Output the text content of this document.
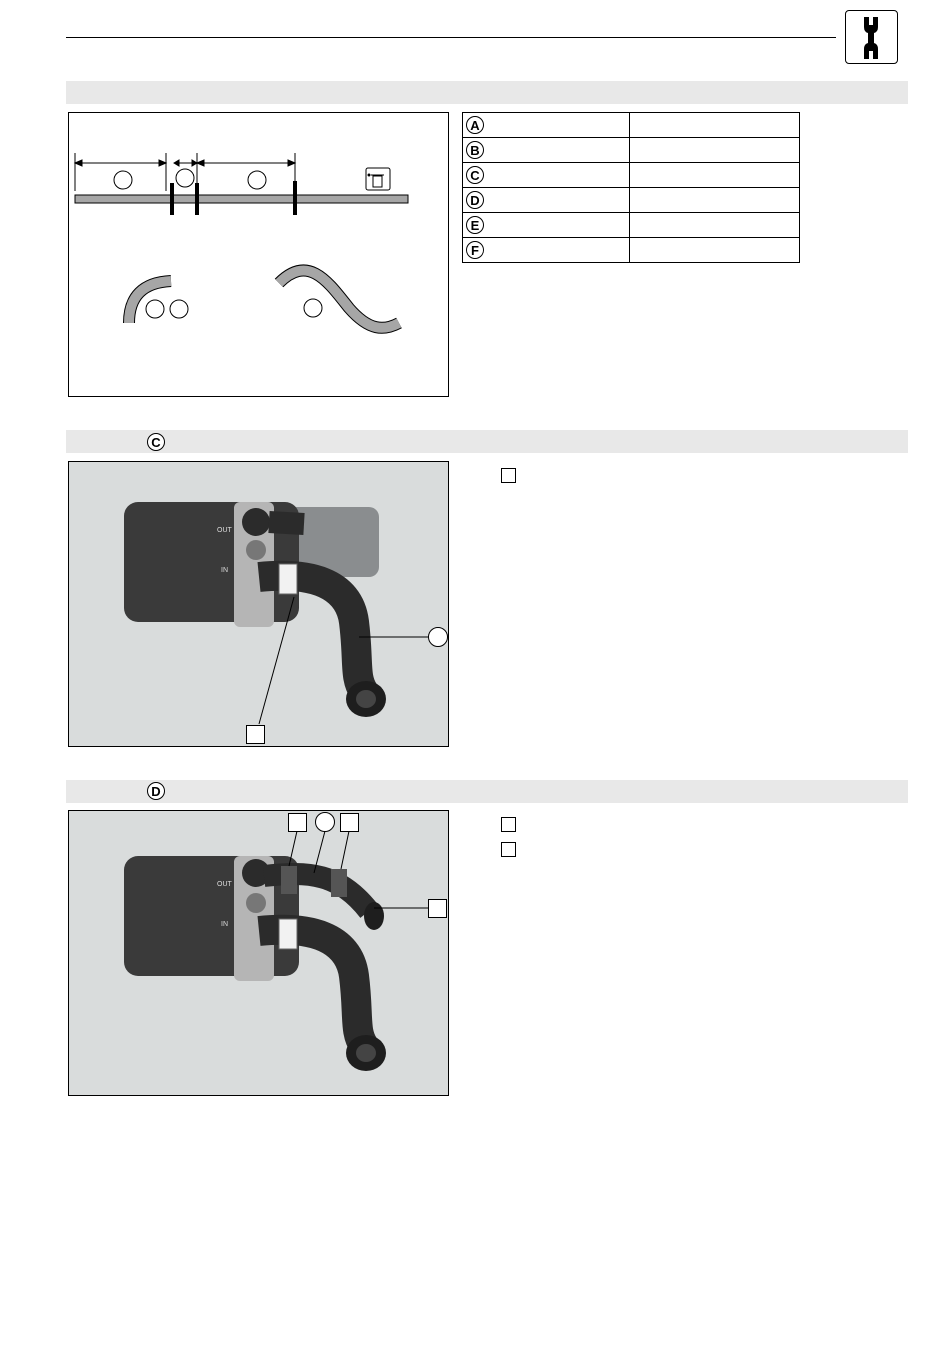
A	

B	

C	

D	

E	

F	

C
OUT
IN
D
OUT
IN
